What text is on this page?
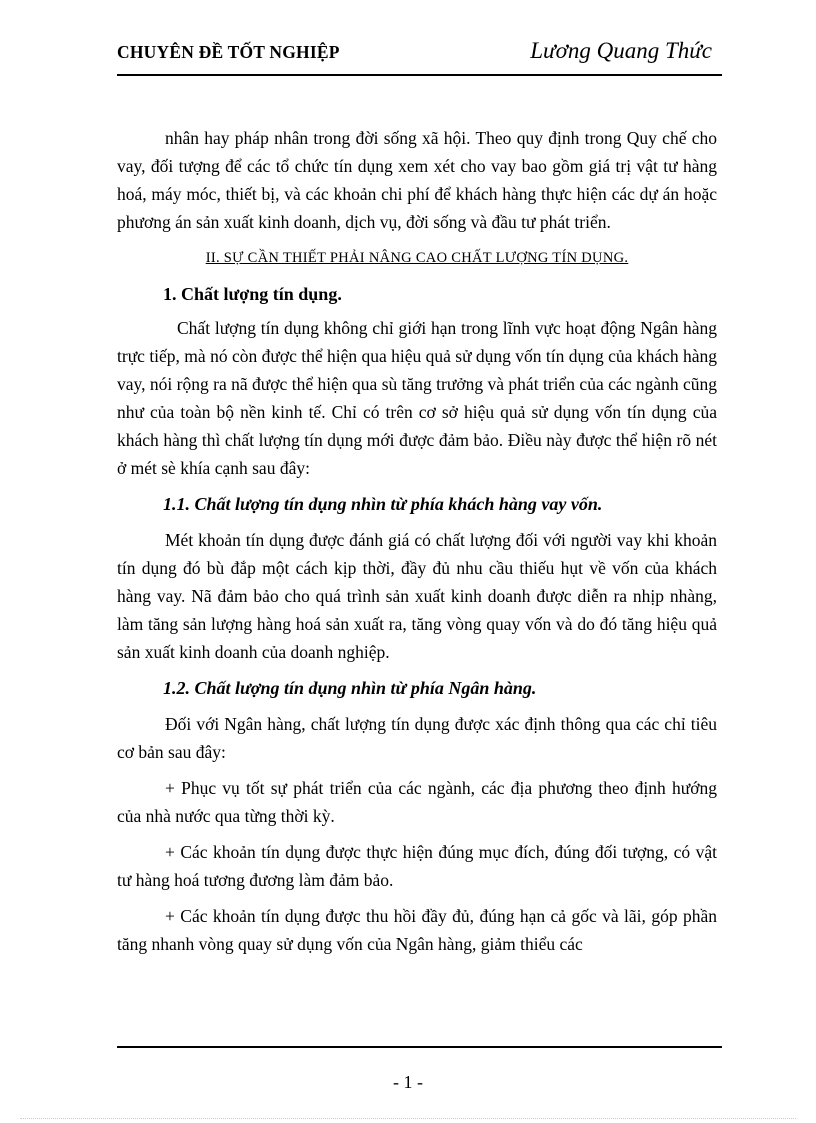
CHUYÊN ĐỀ TỐT NGHIỆP	Lương Quang Thức

nhân hay pháp nhân trong đời sống xã hội. Theo quy định trong Quy chế cho vay, đối tượng để các tổ chức tín dụng xem xét cho vay bao gồm giá trị vật tư hàng hoá, máy móc, thiết bị, và các khoản chi phí để khách hàng thực hiện các dự án hoặc phương án sản xuất kinh doanh, dịch vụ, đời sống và đầu tư phát triển.

II. SỰ CẦN THIẾT PHẢI NÂNG CAO CHẤT LƯỢNG TÍN DỤNG.

1. Chất lượng tín dụng.

Chất lượng tín dụng không chỉ giới hạn trong lĩnh vực hoạt động Ngân hàng trực tiếp, mà nó còn được thể hiện qua hiệu quả sử dụng vốn tín dụng của khách hàng vay, nói rộng ra nã được thể hiện qua sù tăng trưởng và phát triển của các ngành cũng như của toàn bộ nền kinh tế. Chỉ có trên cơ sở hiệu quả sử dụng vốn tín dụng của khách hàng thì chất lượng tín dụng mới được đảm bảo. Điều này được thể hiện rõ nét ở mét sè khía cạnh sau đây:

1.1. Chất lượng tín dụng nhìn từ phía khách hàng vay vốn.

Mét khoản tín dụng được đánh giá có chất lượng đối với người vay khi khoản tín dụng đó bù đắp một cách kịp thời, đầy đủ nhu cầu thiếu hụt về vốn của khách hàng vay. Nã đảm bảo cho quá trình sản xuất kinh doanh được diễn ra nhịp nhàng, làm tăng sản lượng hàng hoá sản xuất ra, tăng vòng quay vốn và do đó tăng hiệu quả sản xuất kinh doanh của doanh nghiệp.

1.2. Chất lượng tín dụng nhìn từ phía Ngân hàng.

Đối với Ngân hàng, chất lượng tín dụng được xác định thông qua các chỉ tiêu cơ bản sau đây:

+ Phục vụ tốt sự phát triển của các ngành, các địa phương theo định hướng của nhà nước qua từng thời kỳ.

+ Các khoản tín dụng được thực hiện đúng mục đích, đúng đối tượng, có vật tư hàng hoá tương đương làm đảm bảo.

+ Các khoản tín dụng được thu hồi đầy đủ, đúng hạn cả gốc và lãi, góp phần tăng nhanh vòng quay sử dụng vốn của Ngân hàng, giảm thiểu các

- 1 -
